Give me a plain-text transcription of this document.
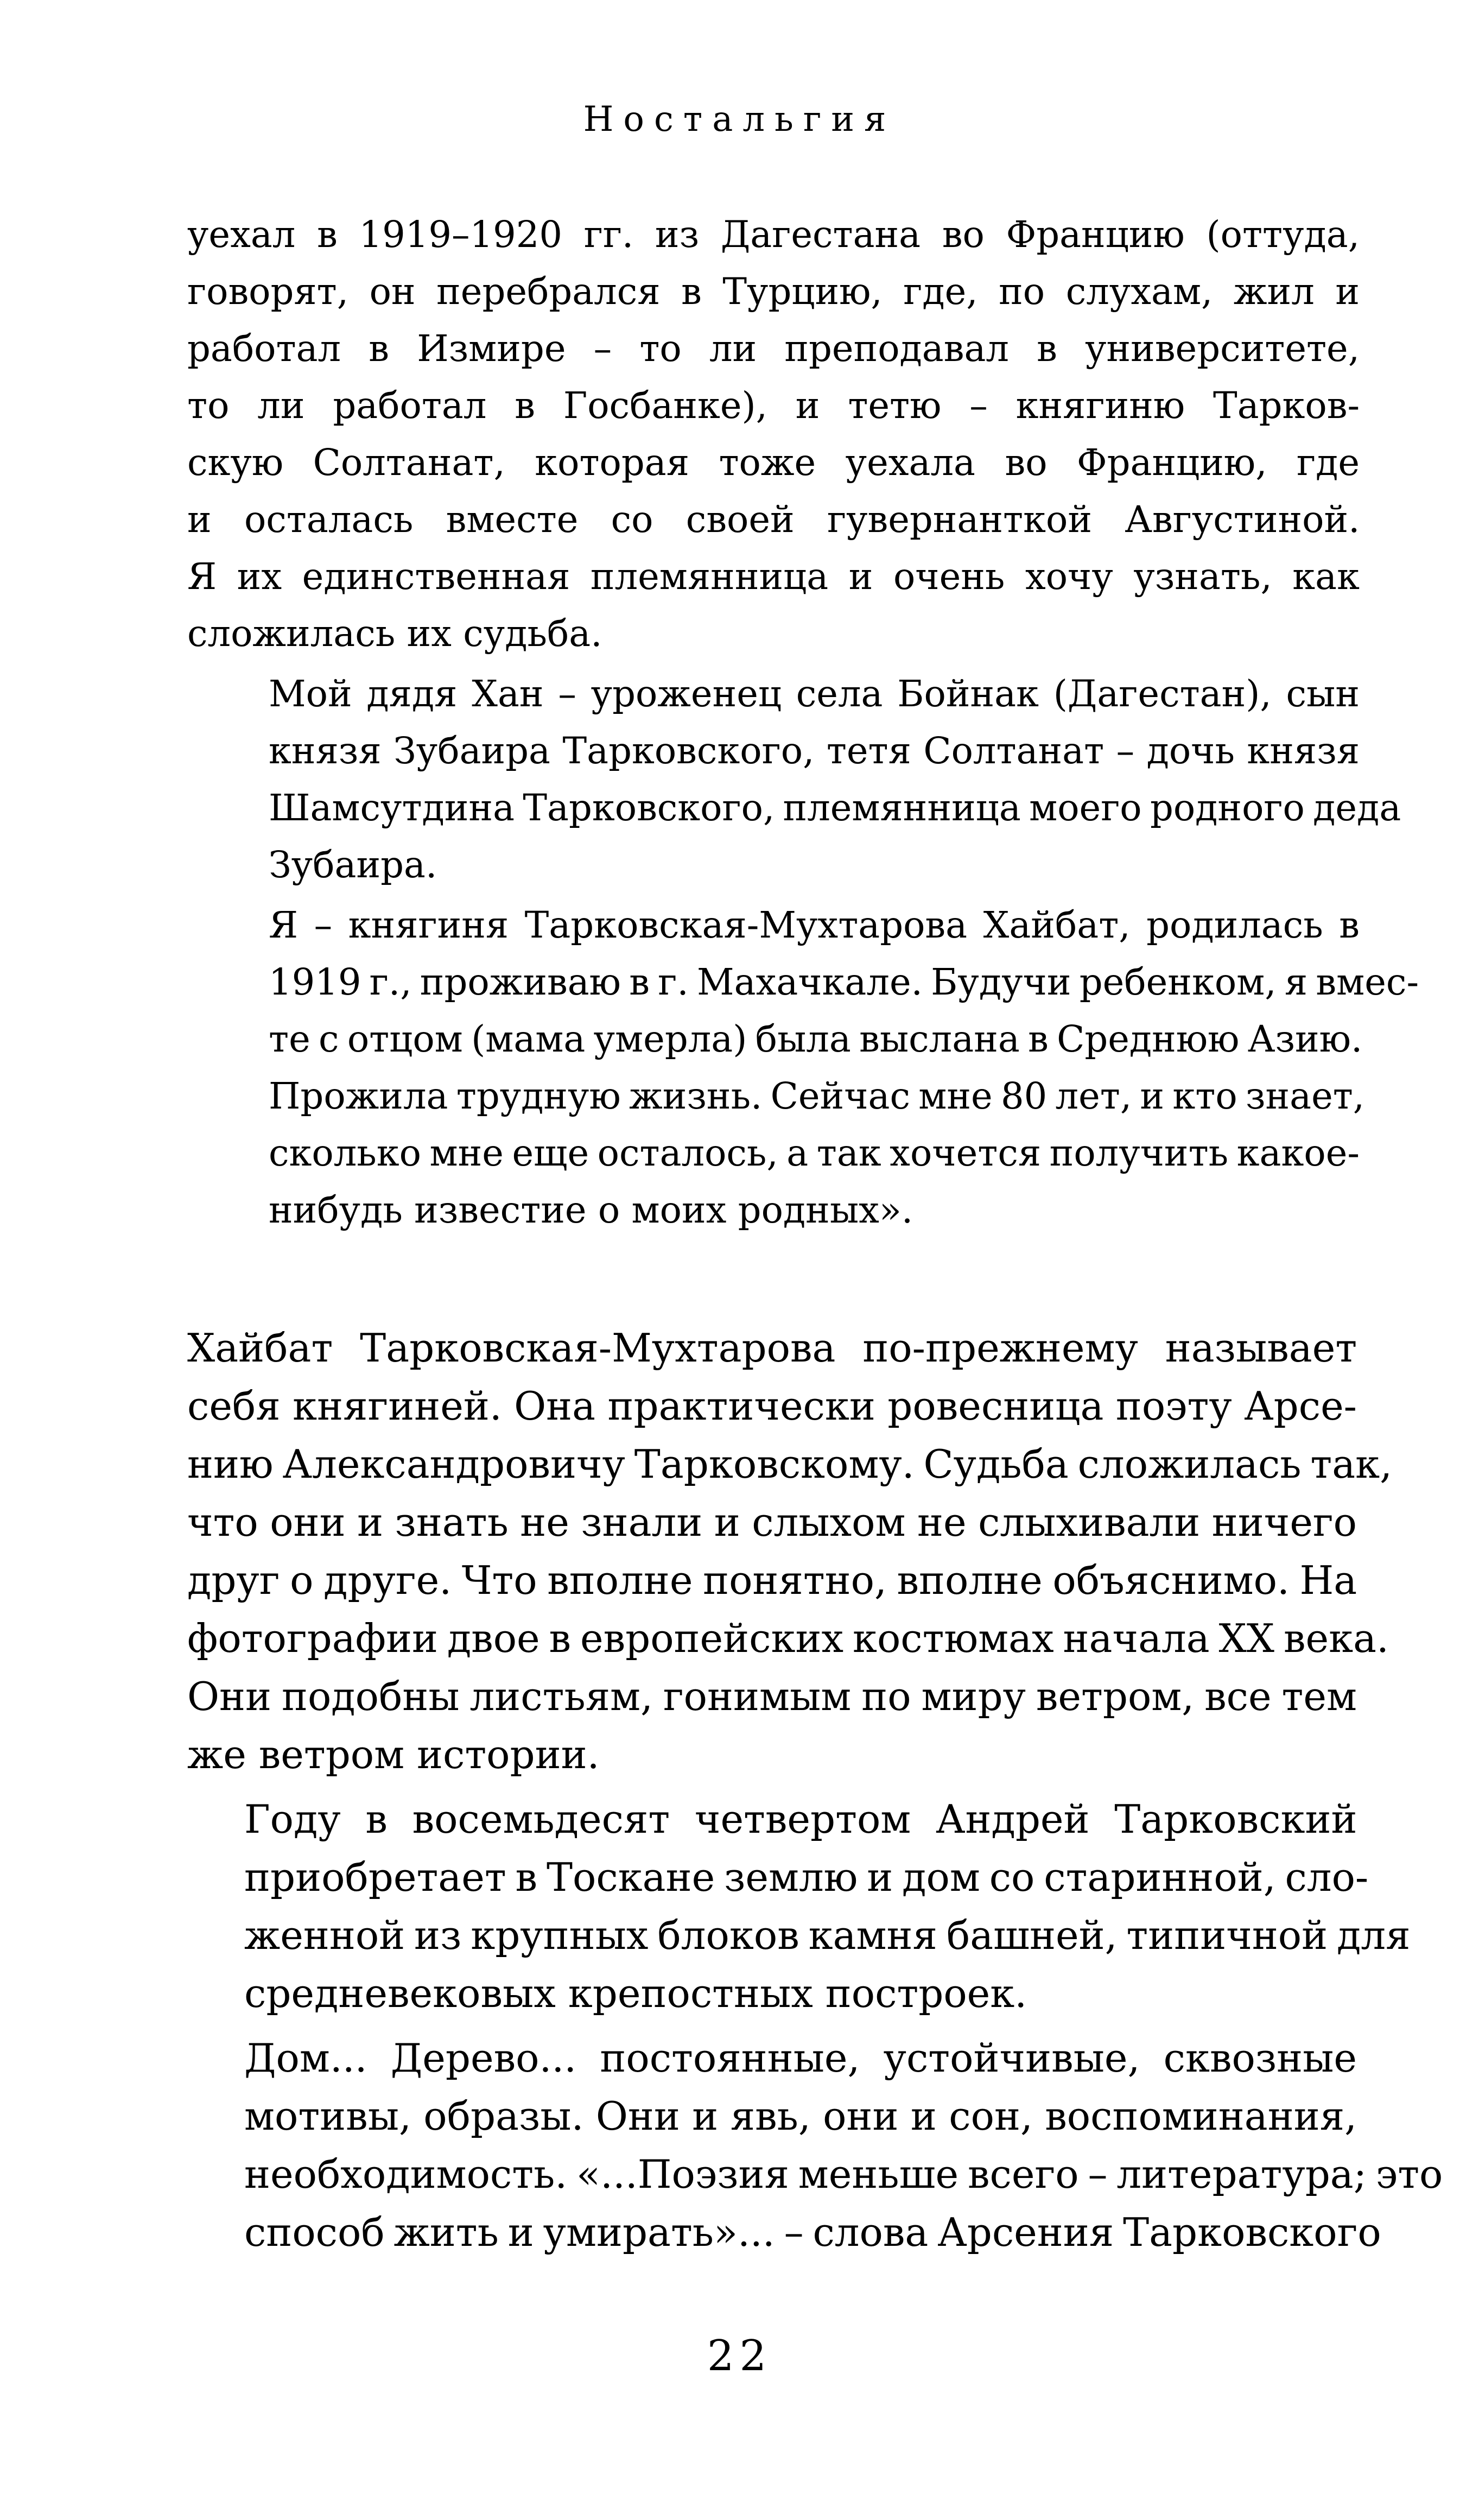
Ностальгия

уехал в 1919–1920 гг. из Дагестана во Францию (оттуда,
говорят, он перебрался в Турцию, где, по слухам, жил и
работал в Измире – то ли преподавал в университете,
то ли работал в Госбанке), и тетю – княгиню Тарков-
скую Солтанат, которая тоже уехала во Францию, где
и осталась вместе со своей гувернанткой Августиной.
Я их единственная племянница и очень хочу узнать, как
сложилась их судьба.

Мой дядя Хан – уроженец села Бойнак (Дагестан), сын
князя Зубаира Тарковского, тетя Солтанат – дочь князя
Шамсутдина Тарковского, племянница моего родного деда
Зубаира.

Я – княгиня Тарковская-Мухтарова Хайбат, родилась в
1919 г., проживаю в г. Махачкале. Будучи ребенком, я вмес-
те с отцом (мама умерла) была выслана в Среднюю Азию.
Прожила трудную жизнь. Сейчас мне 80 лет, и кто знает,
сколько мне еще осталось, а так хочется получить какое-
нибудь известие о моих родных».

Хайбат Тарковская-Мухтарова по-прежнему называет
себя княгиней. Она практически ровесница поэту Арсе-
нию Александровичу Тарковскому. Судьба сложилась так,
что они и знать не знали и слыхом не слыхивали ничего
друг о друге. Что вполне понятно, вполне объяснимо. На
фотографии двое в европейских костюмах начала XX века.
Они подобны листьям, гонимым по миру ветром, все тем
же ветром истории.

Году в восемьдесят четвертом Андрей Тарковский
приобретает в Тоскане землю и дом со старинной, сло-
женной из крупных блоков камня башней, типичной для
средневековых крепостных построек.

Дом... Дерево... постоянные, устойчивые, сквозные
мотивы, образы. Они и явь, они и сон, воспоминания,
необходимость. «...Поэзия меньше всего – литература; это
способ жить и умирать»... – слова Арсения Тарковского

22
